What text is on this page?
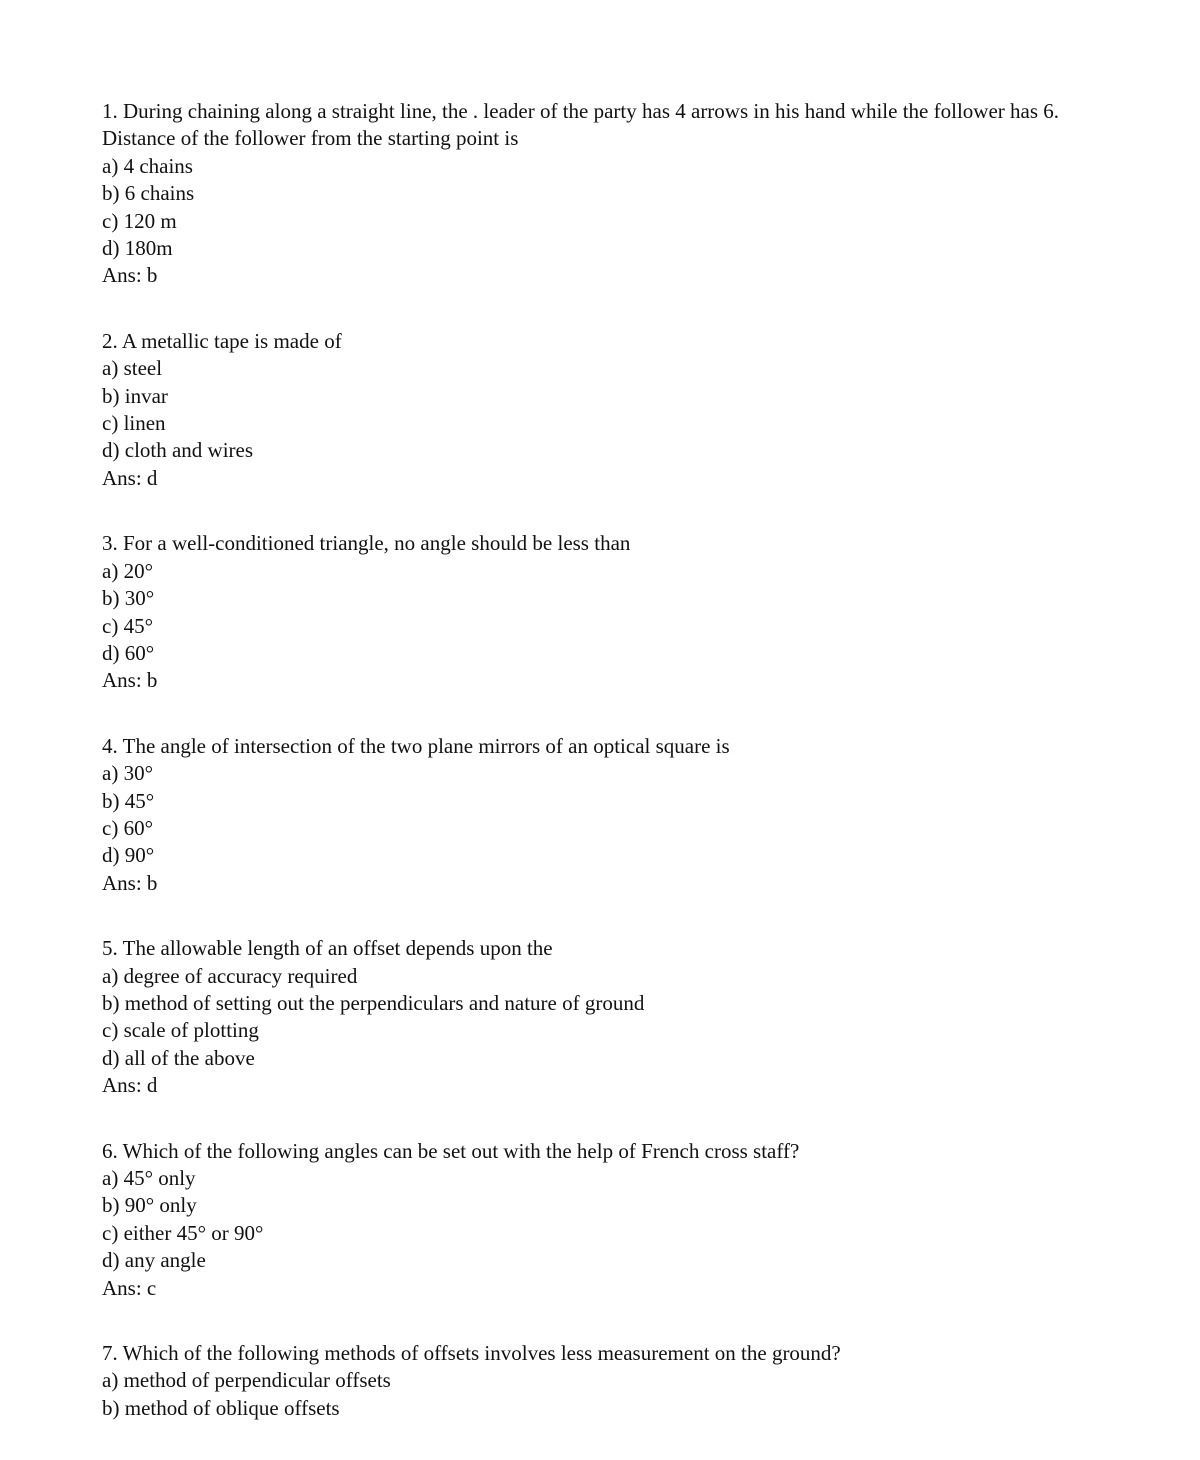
1. During chaining along a straight line, the . leader of the party has 4 arrows in his hand while the follower has 6. Distance of the follower from the starting point is

a) 4 chains

b) 6 chains

c) 120 m

d) 180m

Ans: b

2. A metallic tape is made of

a) steel

b) invar

c) linen

d) cloth and wires

Ans: d

3. For a well-conditioned triangle, no angle should be less than

a) 20°

b) 30°

c) 45°

d) 60°

Ans: b

4. The angle of intersection of the two plane mirrors of an optical square is

a) 30°

b) 45°

c) 60°

d) 90°

Ans: b

5. The allowable length of an offset depends upon the

a) degree of accuracy required

b) method of setting out the perpendiculars and nature of ground

c) scale of plotting

d) all of the above

Ans: d

6. Which of the following angles can be set out with the help of French cross staff?

a) 45° only

b) 90° only

c) either 45° or 90°

d) any angle

Ans: c

7. Which of the following methods of offsets involves less measurement on the ground?

a) method of perpendicular offsets

b) method of oblique offsets
